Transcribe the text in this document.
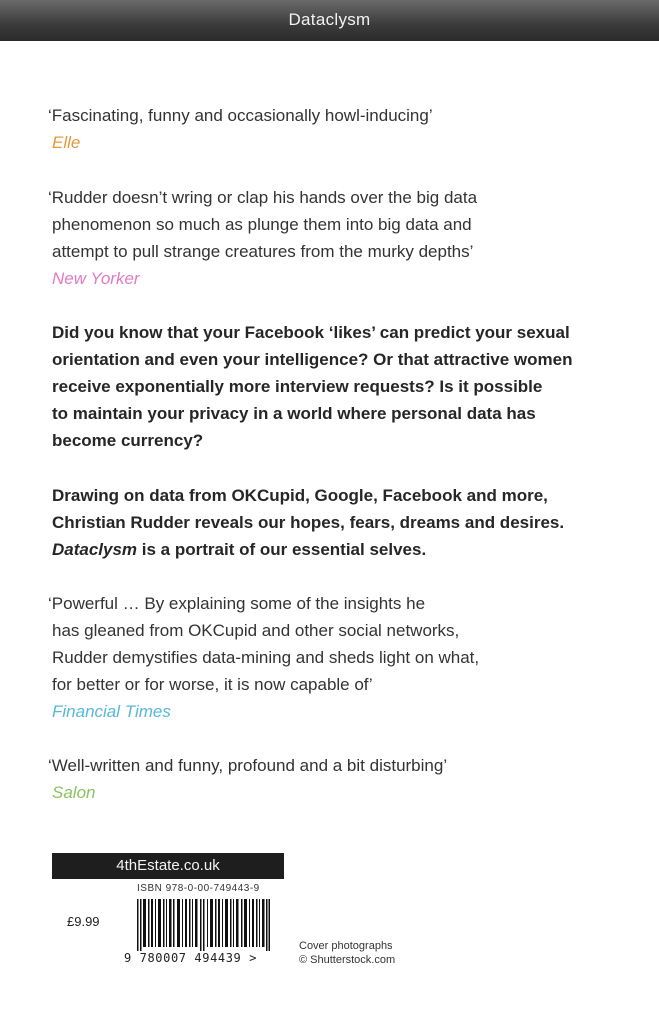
Dataclysm
‘Fascinating, funny and occasionally howl-inducing’
Elle
‘Rudder doesn’t wring or clap his hands over the big data
phenomenon so much as plunge them into big data and
attempt to pull strange creatures from the murky depths’
New Yorker
Did you know that your Facebook ‘likes’ can predict your sexual
orientation and even your intelligence? Or that attractive women
receive exponentially more interview requests? Is it possible
to maintain your privacy in a world where personal data has
become currency?
Drawing on data from OKCupid, Google, Facebook and more,
Christian Rudder reveals our hopes, fears, dreams and desires.
Dataclysm is a portrait of our essential selves.
‘Powerful … By explaining some of the insights he
has gleaned from OKCupid and other social networks,
Rudder demystifies data-mining and sheds light on what,
for better or for worse, it is now capable of’
Financial Times
‘Well-written and funny, profound and a bit disturbing’
Salon
4thEstate.co.uk
ISBN 978-0-00-749443-9
£9.99
9 780007 494439 >
Cover photographs
© Shutterstock.com
